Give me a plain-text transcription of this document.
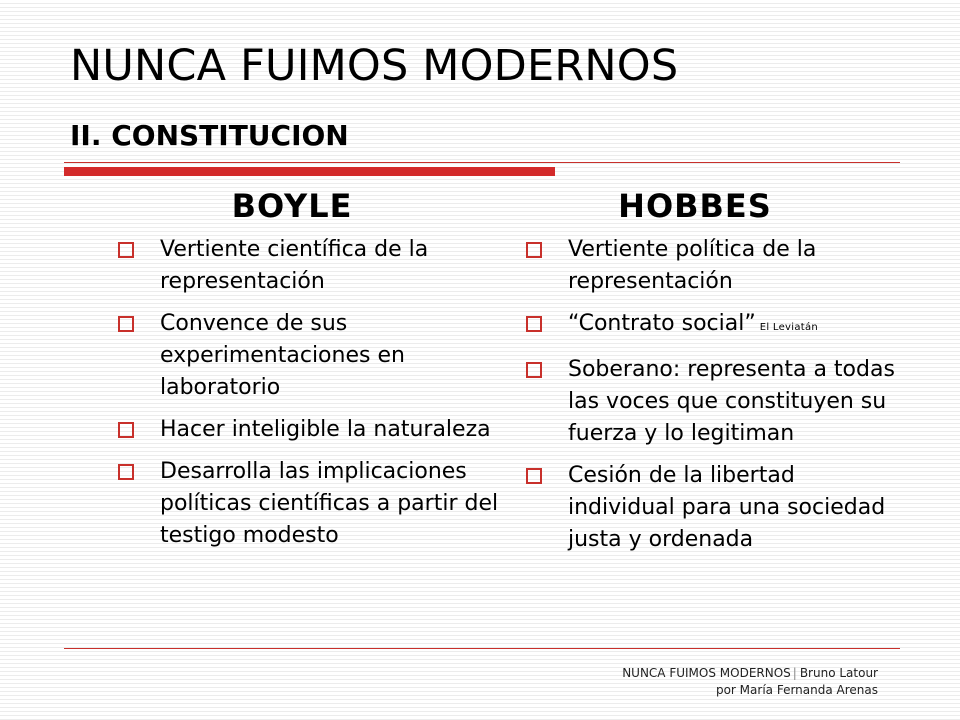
NUNCA FUIMOS MODERNOS
II. CONSTITUCION
BOYLE
Vertiente científica de la representación
Convence de sus experimentaciones en laboratorio
Hacer inteligible la naturaleza
Desarrolla las implicaciones políticas científicas a partir del testigo modesto
HOBBES
Vertiente política de la representación
“Contrato social” El Leviatán
Soberano: representa a todas las voces que constituyen su fuerza y lo legitiman
Cesión de la libertad individual para una sociedad justa y ordenada
NUNCA FUIMOS MODERNOS | Bruno Latour
por María Fernanda Arenas
